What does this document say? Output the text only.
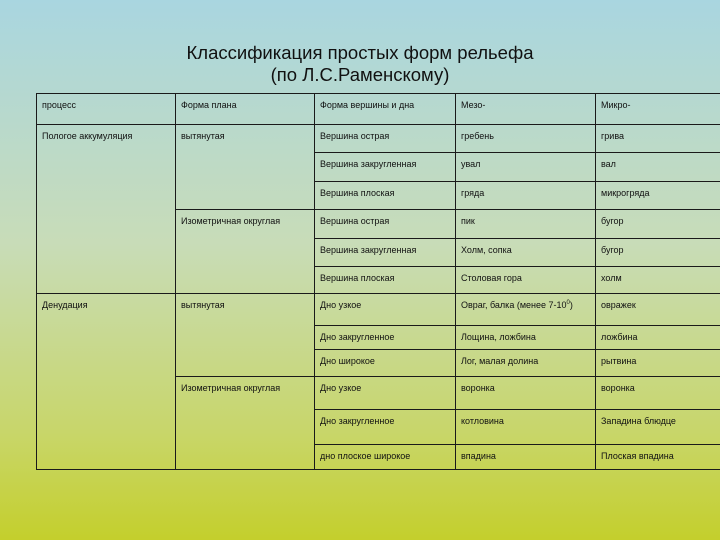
Классификация простых форм рельефа
(по Л.С.Раменскому)
процесс	Форма плана	Форма вершины и дна	Мезо-	Микро-
Пологое аккумуляция	вытянутая	Вершина острая	гребень	грива
		Вершина закругленная	увал	вал
		Вершина плоская	гряда	микрогряда
	Изометричная округлая	Вершина острая	пик	бугор
		Вершина закругленная	Холм, сопка	бугор
		Вершина плоская	Столовая гора	холм
Денудация	вытянутая	Дно узкое	Овраг, балка (менее $7-10^0$)	овражек
		Дно закругленное	Лощина, ложбина	ложбина
		Дно широкое	Лог, малая долина	рытвина
	Изометричная округлая	Дно узкое	воронка	воронка
		Дно закругленное	котловина	Западина блюдце
		дно плоское широкое	впадина	Плоская впадина
